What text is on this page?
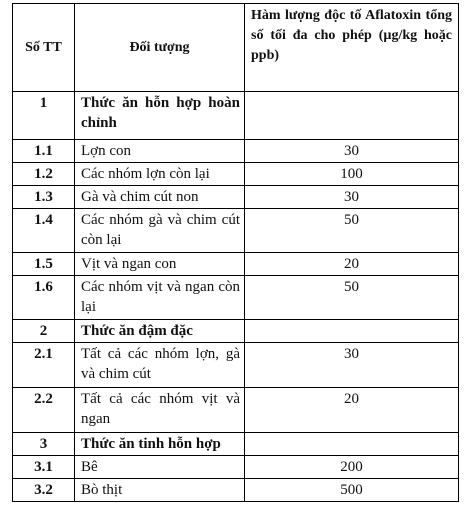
Số TT	Đối tượng	Hàm lượng độc tố Aflatoxin tổng số tối đa cho phép (µg/kg hoặc ppb)
1	Thức ăn hỗn hợp hoàn chỉnh	
1.1	Lợn con	30
1.2	Các nhóm lợn còn lại	100
1.3	Gà và chim cút non	30
1.4	Các nhóm gà và chim cút còn lại	50
1.5	Vịt và ngan con	20
1.6	Các nhóm vịt và ngan còn lại	50
2	Thức ăn đậm đặc	
2.1	Tất cả các nhóm lợn, gà và chim cút	30
2.2	Tất cả các nhóm vịt và ngan	20
3	Thức ăn tinh hỗn hợp	
3.1	Bê	200
3.2	Bò thịt	500
